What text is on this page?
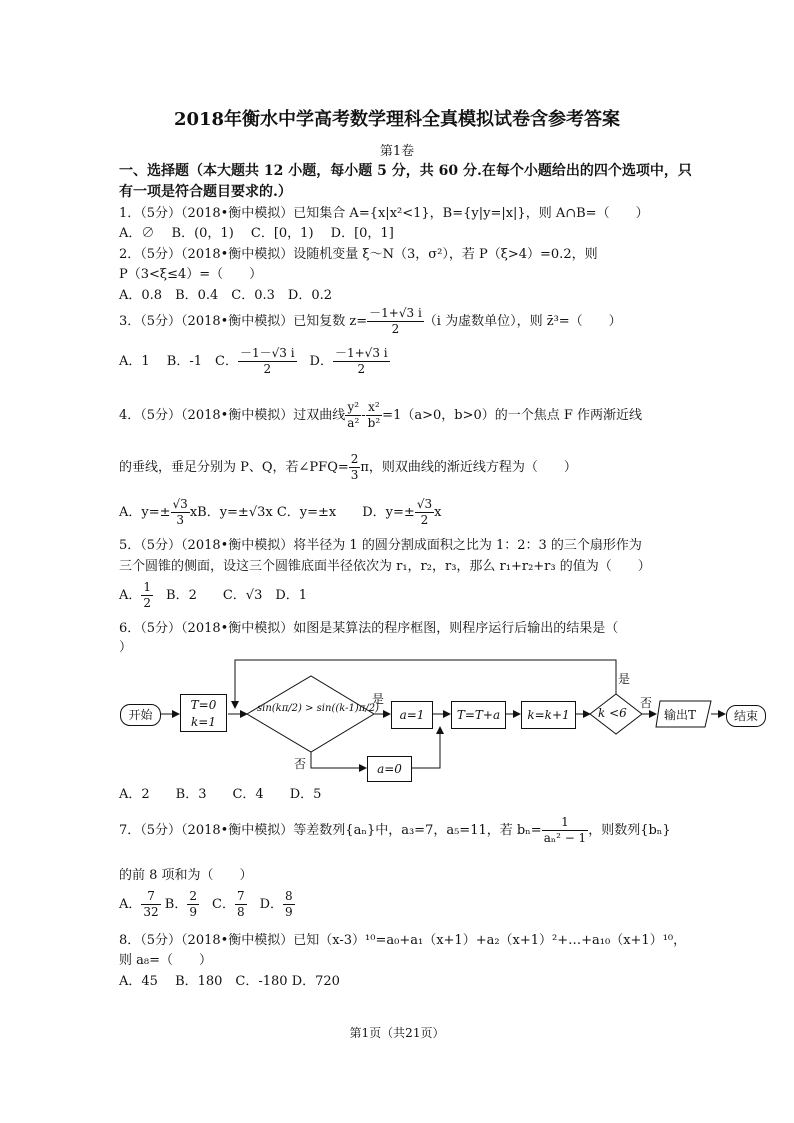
2018年衡水中学高考数学理科全真模拟试卷含参考答案
第1卷
一、选择题（本大题共 12 小题，每小题 5 分，共 60 分.在每个小题给出的四个选项中，只
有一项是符合题目要求的.）
1．（5分）（2018•衡中模拟）已知集合 A={x|x²<1}，B={y|y=|x|}，则 A∩B=（　　）
A．∅　 B．(0，1)　 C．[0，1)　 D．[0，1]
2．（5分）（2018•衡中模拟）设随机变量 ξ～N（3，σ²），若 P（ξ>4）=0.2，则
P（3<ξ≤4）=（　　）
A．0.8　B．0.4　C．0.3　D．0.2
3．（5分）（2018•衡中模拟）已知复数 $z= \frac{-1+√3 i}{2} (i$ 为虚数单位），则 z̄³=（　　）
A．1　 B．-1　C． $\frac{-1-√3 i}{2}$ 　D． $\frac{-1+√3 i}{2}$
4．（5分）（2018•衡中模拟）过双曲线 $\frac{\text{y²}}{\text{a²}} - \frac{\text{x²}}{\text{b²}} =1(a>0$，b>0）的一个焦点 F 作两渐近线
的垂线，垂足分别为 P、Q，若∠PFQ= $\frac{2}{3}$ π，则双曲线的渐近线方程为（　　）
A．$y=\pm \frac{√3}{3}$ xB．y=±√3x C．y=±x　　D．$y=\pm \frac{√3}{2}$ x
5．（5分）（2018•衡中模拟）将半径为 1 的圆分割成面积之比为 1：2：3 的三个扇形作为
三个圆锥的侧面，设这三个圆锥底面半径依次为 r₁，r₂，r₃，那么 r₁+r₂+r₃ 的值为（　　）
A． $\frac{1}{2}$ 　B．2　　C．√3　D．1
6．（5分）（2018•衡中模拟）如图是某算法的程序框图，则程序运行后输出的结果是（
）
开始
T=0
k=1
sin(kπ/2) > sin((k-1)π/2)
是
否
a=1
a=0
T=T+a	k=k+1	k <6
是
否
输出T	结束
A．2　　B．3　　C．4　　D．5
7．（5分）（2018•衡中模拟）等差数列{aₙ}中，a₃=7，a₅=11，若 $b_n= \frac{1}{\text{aₙ² − 1}}$ ，则数列{bₙ}
的前 8 项和为（　　）
A． $\frac{7}{32}$ B． $\frac{2}{9}$ 　C． $\frac{7}{8}$ 　D． $\frac{8}{9}$
8．（5分）（2018•衡中模拟）已知（x-3）¹⁰=a₀+a₁（x+1）+a₂（x+1）²+…+a₁₀（x+1）¹⁰，
则 a₈=（　　）
A．45　 B．180　C．-180 D．720
第1页（共21页）
